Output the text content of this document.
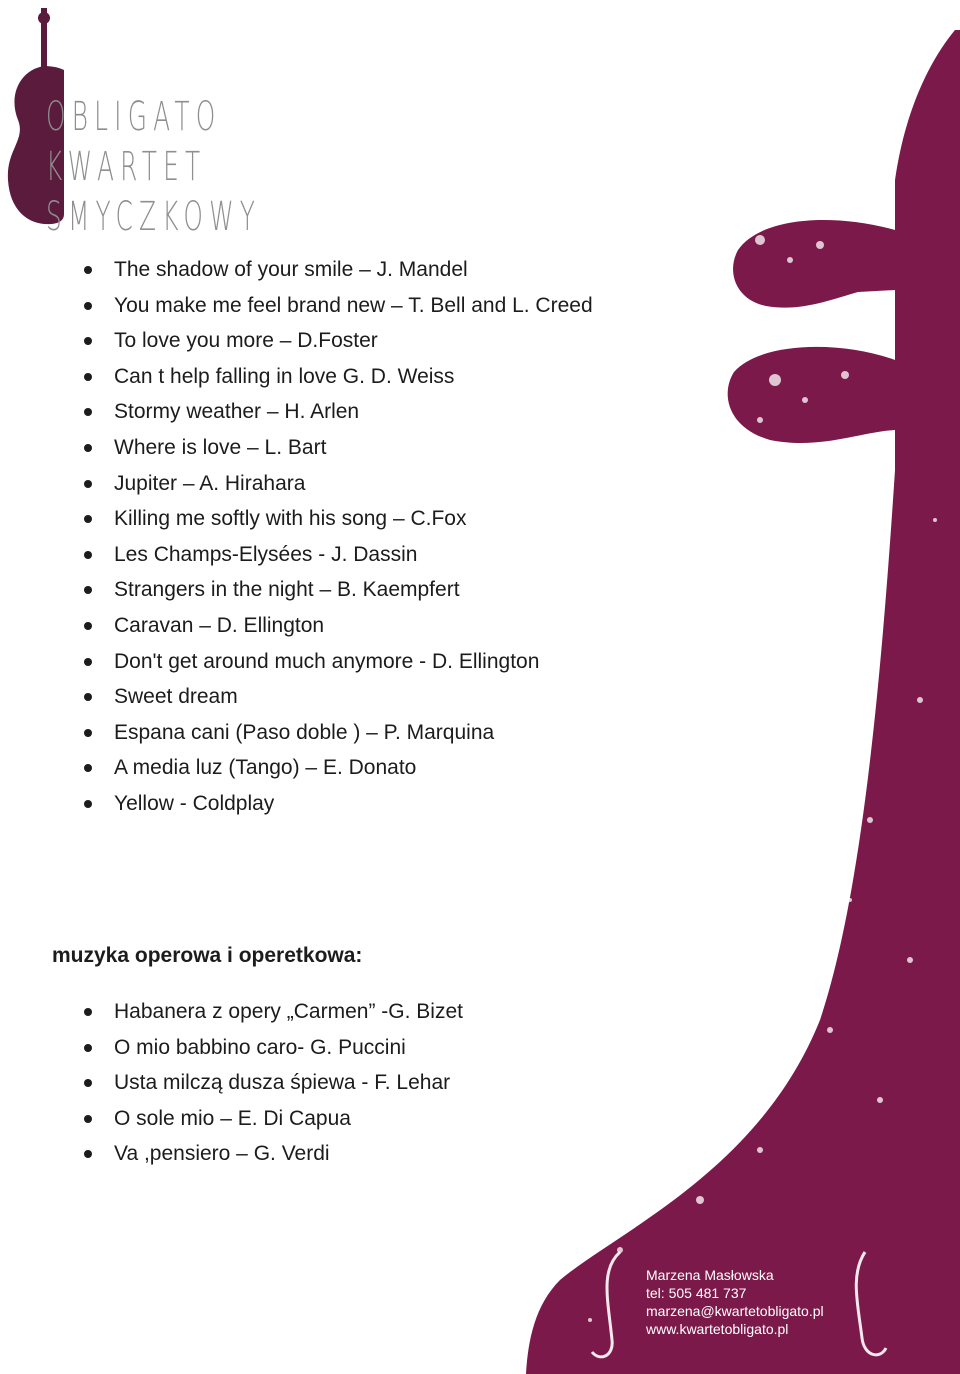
OBLIGATO
KWARTET
SMYCZKOWY
The shadow of your smile – J. Mandel
You make me feel brand new – T. Bell and L. Creed
To love you more – D.Foster
Can t help falling in love G. D. Weiss
Stormy weather – H. Arlen
Where is love – L. Bart
Jupiter – A. Hirahara
Killing me softly with his song – C.Fox
Les Champs-Elysées - J. Dassin
Strangers in the night – B. Kaempfert
Caravan – D. Ellington
Don't get around much anymore - D. Ellington
Sweet dream
Espana cani (Paso doble ) – P. Marquina
A media luz (Tango) – E. Donato
Yellow - Coldplay
muzyka operowa i operetkowa:
Habanera z opery „Carmen” -G. Bizet
O mio babbino caro- G. Puccini
Usta milczą dusza śpiewa - F. Lehar
O sole mio – E. Di Capua
Va ,pensiero – G. Verdi
Marzena Masłowska
tel: 505 481 737
marzena@kwartetobligato.pl
www.kwartetobligato.pl
